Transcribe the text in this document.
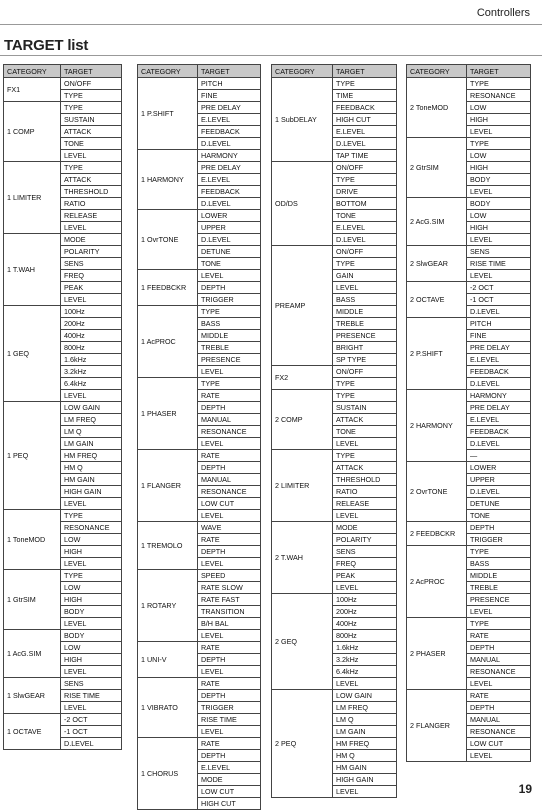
Controllers
TARGET list
CATEGORY	TARGET
FX1	ON/OFF
	TYPE
1 COMP	TYPE
	SUSTAIN
	ATTACK
	TONE
	LEVEL
1 LIMITER	TYPE
	ATTACK
	THRESHOLD
	RATIO
	RELEASE
	LEVEL
1 T.WAH	MODE
	POLARITY
	SENS
	FREQ
	PEAK
	LEVEL
1 GEQ	100Hz
	200Hz
	400Hz
	800Hz
	1.6kHz
	3.2kHz
	6.4kHz
	LEVEL
1 PEQ	LOW GAIN
	LM FREQ
	LM Q
	LM GAIN
	HM FREQ
	HM Q
	HM GAIN
	HIGH GAIN
	LEVEL
1 ToneMOD	TYPE
	RESONANCE
	LOW
	HIGH
	LEVEL
1 GtrSIM	TYPE
	LOW
	HIGH
	BODY
	LEVEL
1 AcG.SIM	BODY
	LOW
	HIGH
	LEVEL
1 SlwGEAR	SENS
	RISE TIME
	LEVEL
1 OCTAVE	-2 OCT
	-1 OCT
	D.LEVEL
CATEGORY	TARGET
1 P.SHIFT	PITCH
	FINE
	PRE DELAY
	E.LEVEL
	FEEDBACK
	D.LEVEL
1 HARMONY	HARMONY
	PRE DELAY
	E.LEVEL
	FEEDBACK
	D.LEVEL
1 OvrTONE	LOWER
	UPPER
	D.LEVEL
	DETUNE
	TONE
1 FEEDBCKR	LEVEL
	DEPTH
	TRIGGER
1 AcPROC	TYPE
	BASS
	MIDDLE
	TREBLE
	PRESENCE
	LEVEL
1 PHASER	TYPE
	RATE
	DEPTH
	MANUAL
	RESONANCE
	LEVEL
1 FLANGER	RATE
	DEPTH
	MANUAL
	RESONANCE
	LOW CUT
	LEVEL
1 TREMOLO	WAVE
	RATE
	DEPTH
	LEVEL
1 ROTARY	SPEED
	RATE SLOW
	RATE FAST
	TRANSITION
	B/H BAL
	LEVEL
1 UNI-V	RATE
	DEPTH
	LEVEL
1 VIBRATO	RATE
	DEPTH
	TRIGGER
	RISE TIME
	LEVEL
1 CHORUS	RATE
	DEPTH
	E.LEVEL
	MODE
	LOW CUT
	HIGH CUT
CATEGORY	TARGET
1 SubDELAY	TYPE
	TIME
	FEEDBACK
	HIGH CUT
	E.LEVEL
	D.LEVEL
	TAP TIME
OD/DS	ON/OFF
	TYPE
	DRIVE
	BOTTOM
	TONE
	E.LEVEL
	D.LEVEL
PREAMP	ON/OFF
	TYPE
	GAIN
	LEVEL
	BASS
	MIDDLE
	TREBLE
	PRESENCE
	BRIGHT
	SP TYPE
FX2	ON/OFF
	TYPE
2 COMP	TYPE
	SUSTAIN
	ATTACK
	TONE
	LEVEL
2 LIMITER	TYPE
	ATTACK
	THRESHOLD
	RATIO
	RELEASE
	LEVEL
2 T.WAH	MODE
	POLARITY
	SENS
	FREQ
	PEAK
	LEVEL
2 GEQ	100Hz
	200Hz
	400Hz
	800Hz
	1.6kHz
	3.2kHz
	6.4kHz
	LEVEL
2 PEQ	LOW GAIN
	LM FREQ
	LM Q
	LM GAIN
	HM FREQ
	HM Q
	HM GAIN
	HIGH GAIN
	LEVEL
CATEGORY	TARGET
2 ToneMOD	TYPE
	RESONANCE
	LOW
	HIGH
	LEVEL
2 GtrSIM	TYPE
	LOW
	HIGH
	BODY
	LEVEL
2 AcG.SIM	BODY
	LOW
	HIGH
	LEVEL
2 SlwGEAR	SENS
	RISE TIME
	LEVEL
2 OCTAVE	-2 OCT
	-1 OCT
	D.LEVEL
2 P.SHIFT	PITCH
	FINE
	PRE DELAY
	E.LEVEL
	FEEDBACK
	D.LEVEL
2 HARMONY	HARMONY
	PRE DELAY
	E.LEVEL
	FEEDBACK
	D.LEVEL
	—
2 OvrTONE	LOWER
	UPPER
	D.LEVEL
	DETUNE
	TONE
2 FEEDBCKR	DEPTH
	TRIGGER
2 AcPROC	TYPE
	BASS
	MIDDLE
	TREBLE
	PRESENCE
	LEVEL
2 PHASER	TYPE
	RATE
	DEPTH
	MANUAL
	RESONANCE
	LEVEL
2 FLANGER	RATE
	DEPTH
	MANUAL
	RESONANCE
	LOW CUT
	LEVEL
19
